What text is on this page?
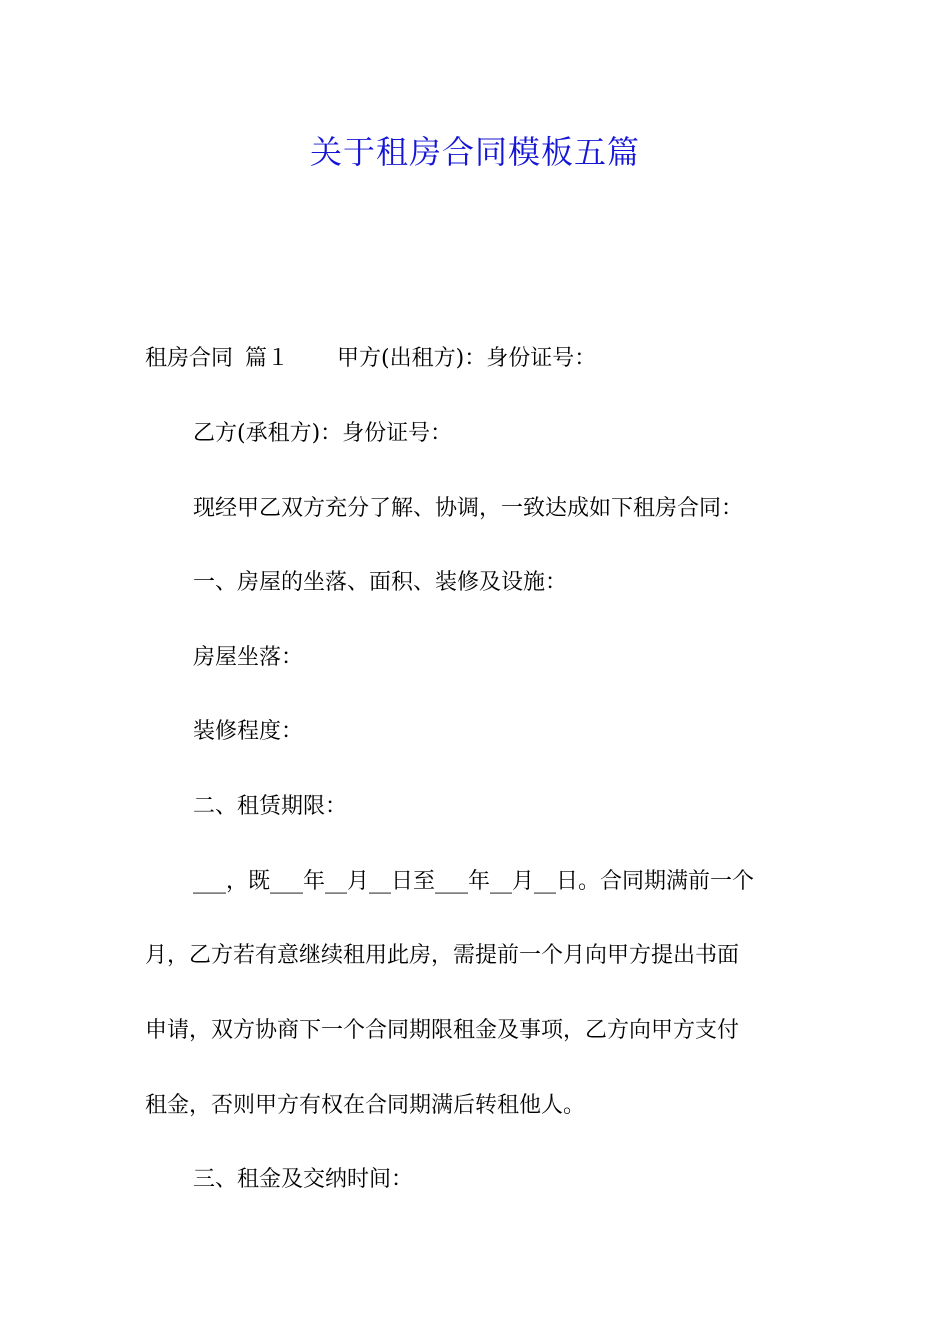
关于租房合同模板五篇
租房合同 篇１ 甲方(出租方)：身份证号：
乙方(承租方)：身份证号：
现经甲乙双方充分了解、协调，一致达成如下租房合同：
一、房屋的坐落、面积、装修及设施：
房屋坐落：
装修程度：
二、租赁期限：
___，既___年__月__日至___年__月__日。合同期满前一个
月，乙方若有意继续租用此房，需提前一个月向甲方提出书面
申请，双方协商下一个合同期限租金及事项，乙方向甲方支付
租金，否则甲方有权在合同期满后转租他人。
三、租金及交纳时间：
